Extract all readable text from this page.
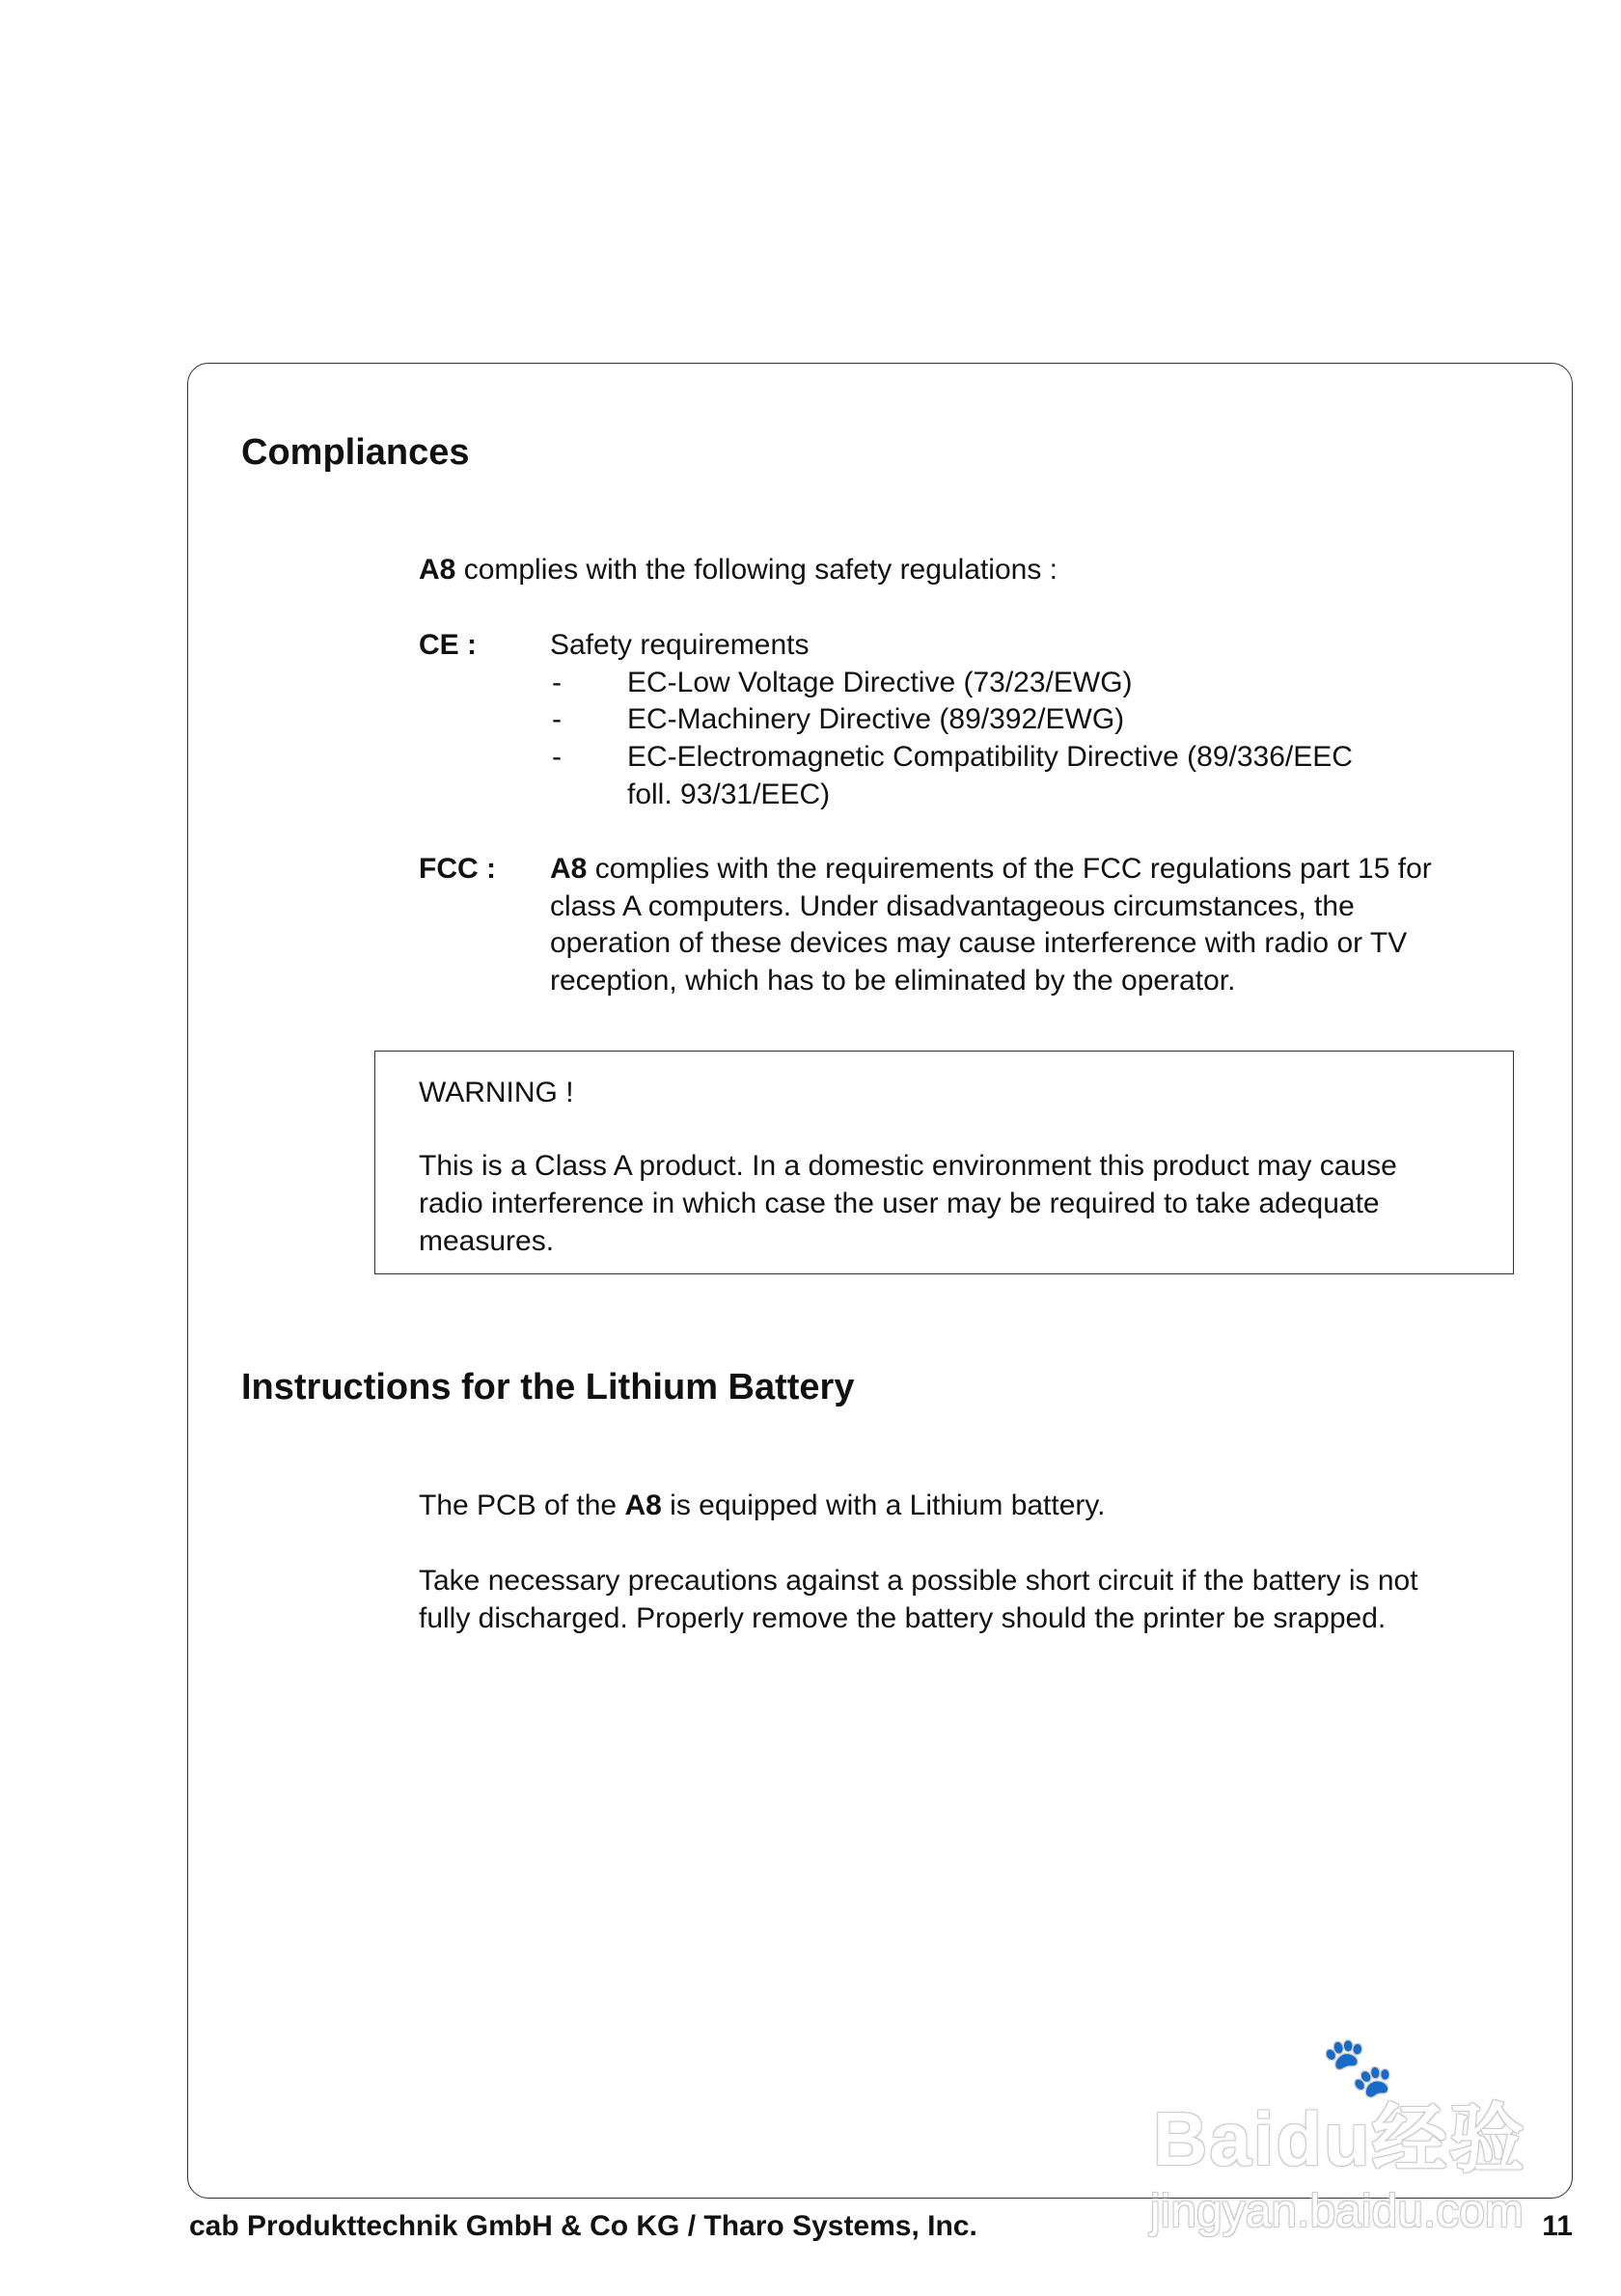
Compliances
A8 complies with the following safety regulations :
CE :	Safety requirements
- EC-Low Voltage Directive (73/23/EWG)
- EC-Machinery Directive (89/392/EWG)
- EC-Electromagnetic Compatibility Directive (89/336/EEC
foll. 93/31/EEC)
FCC : A8 complies with the requirements of the FCC regulations part 15 for
class A computers. Under disadvantageous circumstances, the
operation of these devices may cause interference with radio or TV
reception, which has to be eliminated by the operator.
WARNING !
This is a Class A product. In a domestic environment this product may cause
radio interference in which case the user may be required to take adequate
measures.
Instructions for the Lithium Battery
The PCB of the A8 is equipped with a Lithium battery.
Take necessary precautions against a possible short circuit if the battery is not
fully discharged. Properly remove the battery should the printer be srapped.
🐾
Baidu经验
jingyan.baidu.com
cab Produkttechnik GmbH & Co KG / Tharo Systems, Inc.	11
